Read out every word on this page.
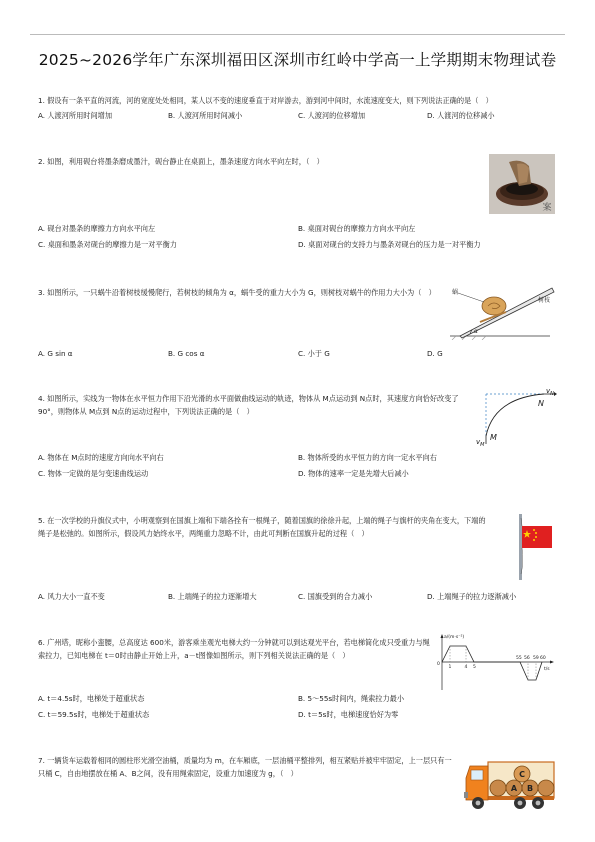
2025~2026学年广东深圳福田区深圳市红岭中学高一上学期期末物理试卷
1. 假设有一条平直的河流，河的宽度处处相同，某人以不变的速度垂直于对岸游去，游到河中间时，水流速度变大，则下列说法正确的是（　）
A. 人渡河所用时间增加	B. 人渡河所用时间减小	C. 人渡河的位移增加	D. 人渡河的位移减小
2. 如图，利用砚台将墨条磨成墨汁，砚台静止在桌面上，墨条速度方向水平向左时，（　）
案
A. 砚台对墨条的摩擦力方向水平向左	B. 桌面对砚台的摩擦力方向水平向左
C. 桌面和墨条对砚台的摩擦力是一对平衡力	D. 桌面对砚台的支持力与墨条对砚台的压力是一对平衡力
3. 如图所示，一只蜗牛沿着树枝缓慢爬行，若树枝的倾角为 α，蜗牛受的重力大小为 G，则树枝对蜗牛的作用力大小为（　）
α
蜗
树枝
A. G sin α	B. G cos α	C. 小于 G	D. G
4. 如图所示，实线为一物体在水平恒力作用下沿光滑的水平面做曲线运动的轨迹，物体从 M点运动到 N点时，其速度方向恰好改变了 90°，则物体从 M点到 N点的运动过程中，下列说法正确的是（　）
$v_N$
N
$v_M$
M
A. 物体在 M点时的速度方向向水平向右	B. 物体所受的水平恒力的方向一定水平向右
C. 物体一定做的是匀变速曲线运动	D. 物体的速率一定是先增大后减小
5. 在一次学校的升旗仪式中，小明观察到在国旗上端和下端各拴有一根绳子，随着国旗的徐徐升起，上端的绳子与旗杆的夹角在变大，下端的绳子是松弛的。如图所示，假设风力始终水平，两绳重力忽略不计，由此可判断在国旗升起的过程（　）
A. 风力大小一直不变	B. 上端绳子的拉力逐渐增大	C. 国旗受到的合力减小	D. 上端绳子的拉力逐渐减小
6. 广州塔，昵称小蛮腰，总高度达 600米，游客乘坐观光电梯大约一分钟就可以到达观光平台，若电梯简化成只受重力与绳索拉力，已知电梯在 t＝0时由静止开始上升，a－t图像如图所示，则下列相关说法正确的是（　）
a/(m·s⁻²)
0
1	4 5
55 56 59 60
t/s
A. t＝4.5s时，电梯处于超重状态	B. 5～55s时间内，绳索拉力最小
C. t＝59.5s时，电梯处于超重状态	D. t＝5s时，电梯速度恰好为零
7. 一辆货车运载着相同的圆柱形光滑空油桶，质量均为 m，在车厢底，一层油桶平整排列，相互紧贴并被牢牢固定，上一层只有一只桶 C，自由地摆放在桶 A、B之间，没有用绳索固定，设重力加速度为 g，（　）
A B
C
